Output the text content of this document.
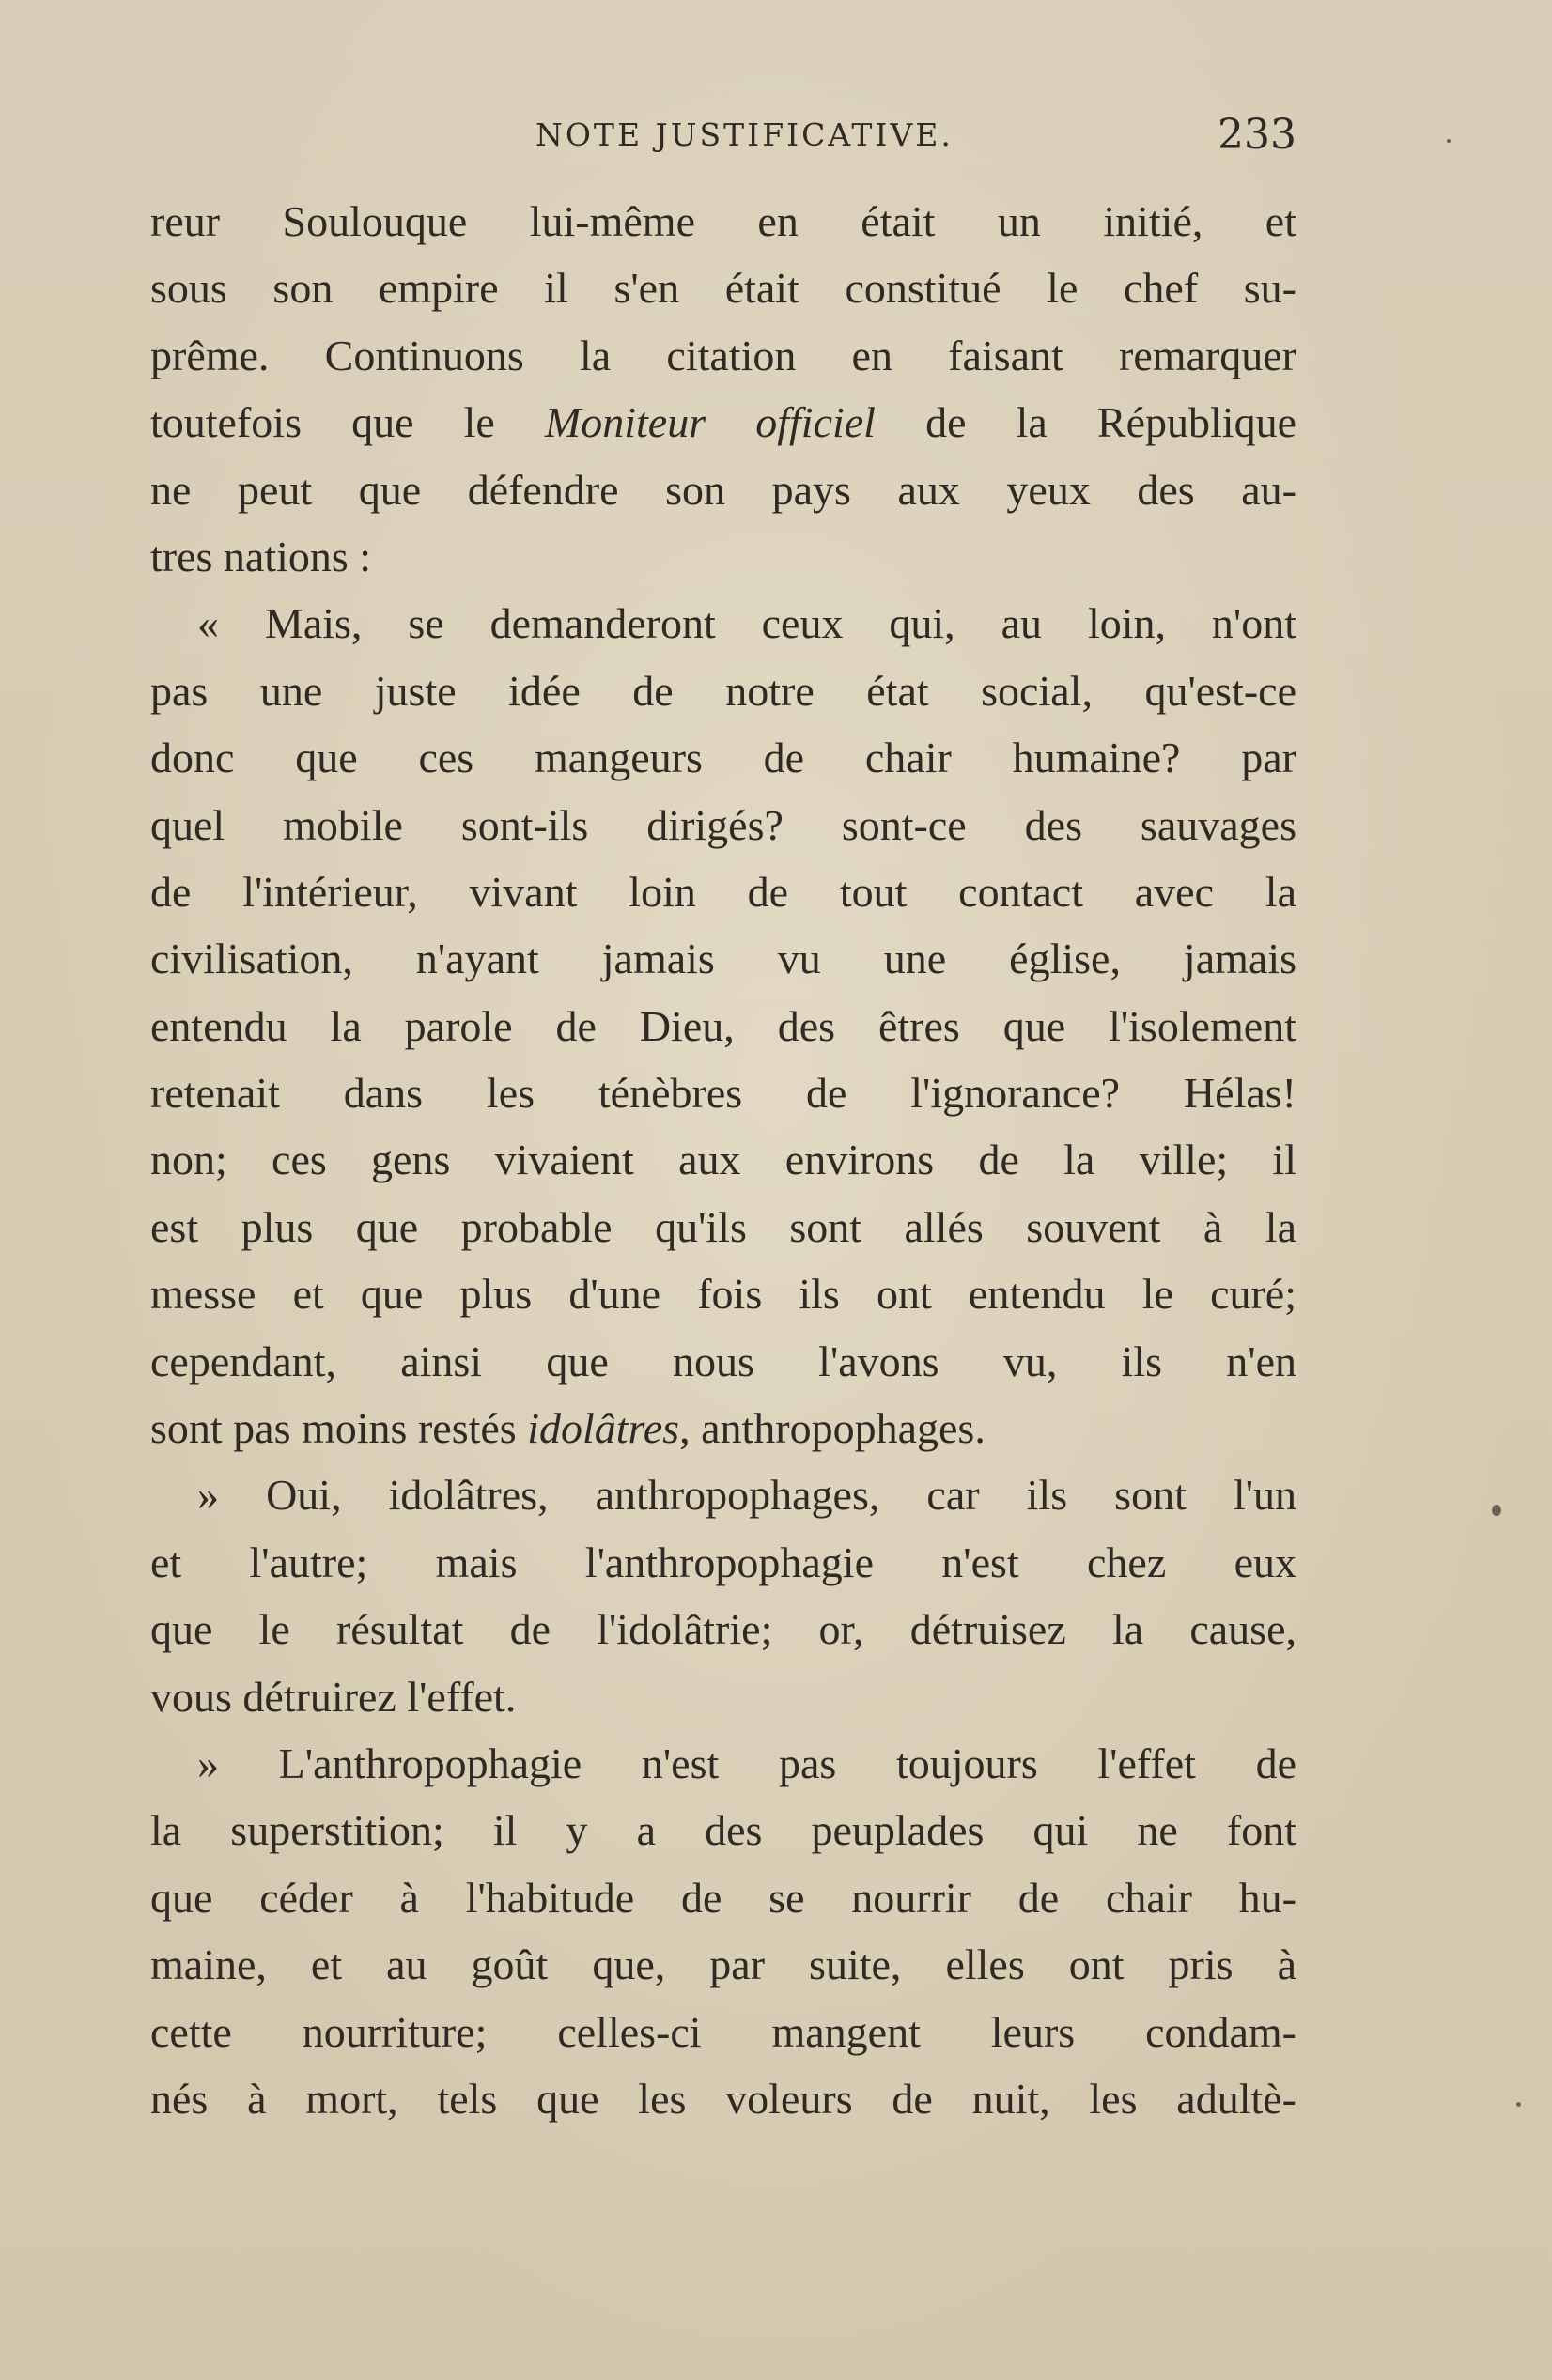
NOTE JUSTIFICATIVE.	233
reur Soulouque lui-même en était un initié, et
sous son empire il s'en était constitué le chef su-
prême. Continuons la citation en faisant remarquer
toutefois que le Moniteur officiel de la République
ne peut que défendre son pays aux yeux des au-
tres nations :
« Mais, se demanderont ceux qui, au loin, n'ont
pas une juste idée de notre état social, qu'est-ce
donc que ces mangeurs de chair humaine? par
quel mobile sont-ils dirigés? sont-ce des sauvages
de l'intérieur, vivant loin de tout contact avec la
civilisation, n'ayant jamais vu une église, jamais
entendu la parole de Dieu, des êtres que l'isolement
retenait dans les ténèbres de l'ignorance? Hélas!
non; ces gens vivaient aux environs de la ville; il
est plus que probable qu'ils sont allés souvent à la
messe et que plus d'une fois ils ont entendu le curé;
cependant, ainsi que nous l'avons vu, ils n'en
sont pas moins restés idolâtres, anthropophages.
» Oui, idolâtres, anthropophages, car ils sont l'un
et l'autre; mais l'anthropophagie n'est chez eux
que le résultat de l'idolâtrie; or, détruisez la cause,
vous détruirez l'effet.
» L'anthropophagie n'est pas toujours l'effet de
la superstition; il y a des peuplades qui ne font
que céder à l'habitude de se nourrir de chair hu-
maine, et au goût que, par suite, elles ont pris à
cette nourriture; celles-ci mangent leurs condam-
nés à mort, tels que les voleurs de nuit, les adultè-
